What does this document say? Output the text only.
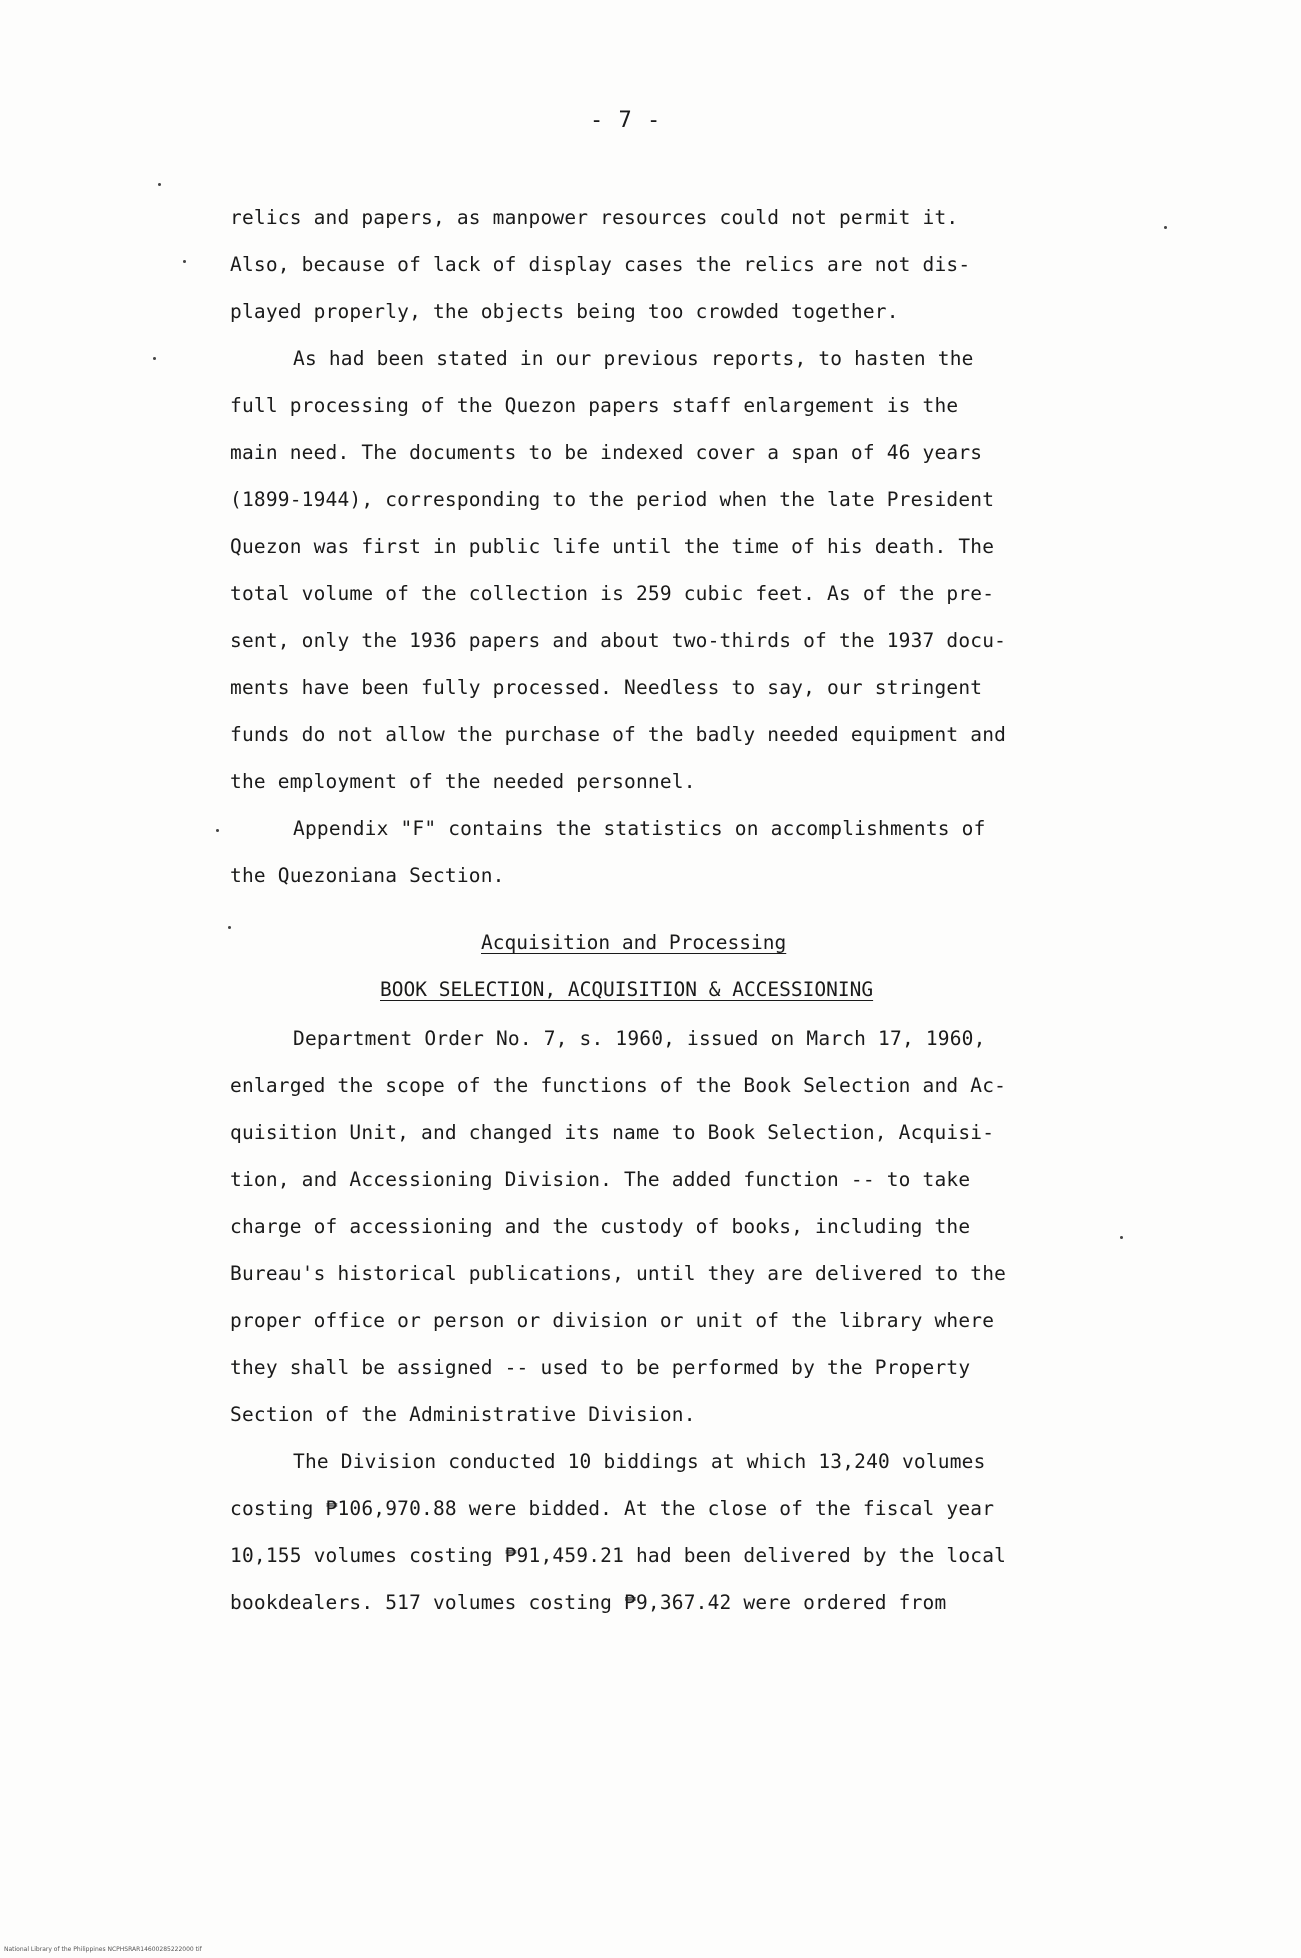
- 7 -
relics and papers, as manpower resources could not permit it.
Also, because of lack of display cases the relics are not dis-
played properly, the objects being too crowded together.
As had been stated in our previous reports, to hasten the
full processing of the Quezon papers staff enlargement is the
main need. The documents to be indexed cover a span of 46 years
(1899-1944), corresponding to the period when the late President
Quezon was first in public life until the time of his death. The
total volume of the collection is 259 cubic feet. As of the pre-
sent, only the 1936 papers and about two-thirds of the 1937 docu-
ments have been fully processed. Needless to say, our stringent
funds do not allow the purchase of the badly needed equipment and
the employment of the needed personnel.
Appendix "F" contains the statistics on accomplishments of
the Quezoniana Section.
Acquisition and Processing
BOOK SELECTION, ACQUISITION & ACCESSIONING
Department Order No. 7, s. 1960, issued on March 17, 1960,
enlarged the scope of the functions of the Book Selection and Ac-
quisition Unit, and changed its name to Book Selection, Acquisi-
tion, and Accessioning Division. The added function -- to take
charge of accessioning and the custody of books, including the
Bureau's historical publications, until they are delivered to the
proper office or person or division or unit of the library where
they shall be assigned -- used to be performed by the Property
Section of the Administrative Division.
The Division conducted 10 biddings at which 13,240 volumes
costing ₱106,970.88 were bidded. At the close of the fiscal year
10,155 volumes costing ₱91,459.21 had been delivered by the local
bookdealers. 517 volumes costing ₱9,367.42 were ordered from
National Library of the Philippines NCPHSRAR14600285222000 tif
